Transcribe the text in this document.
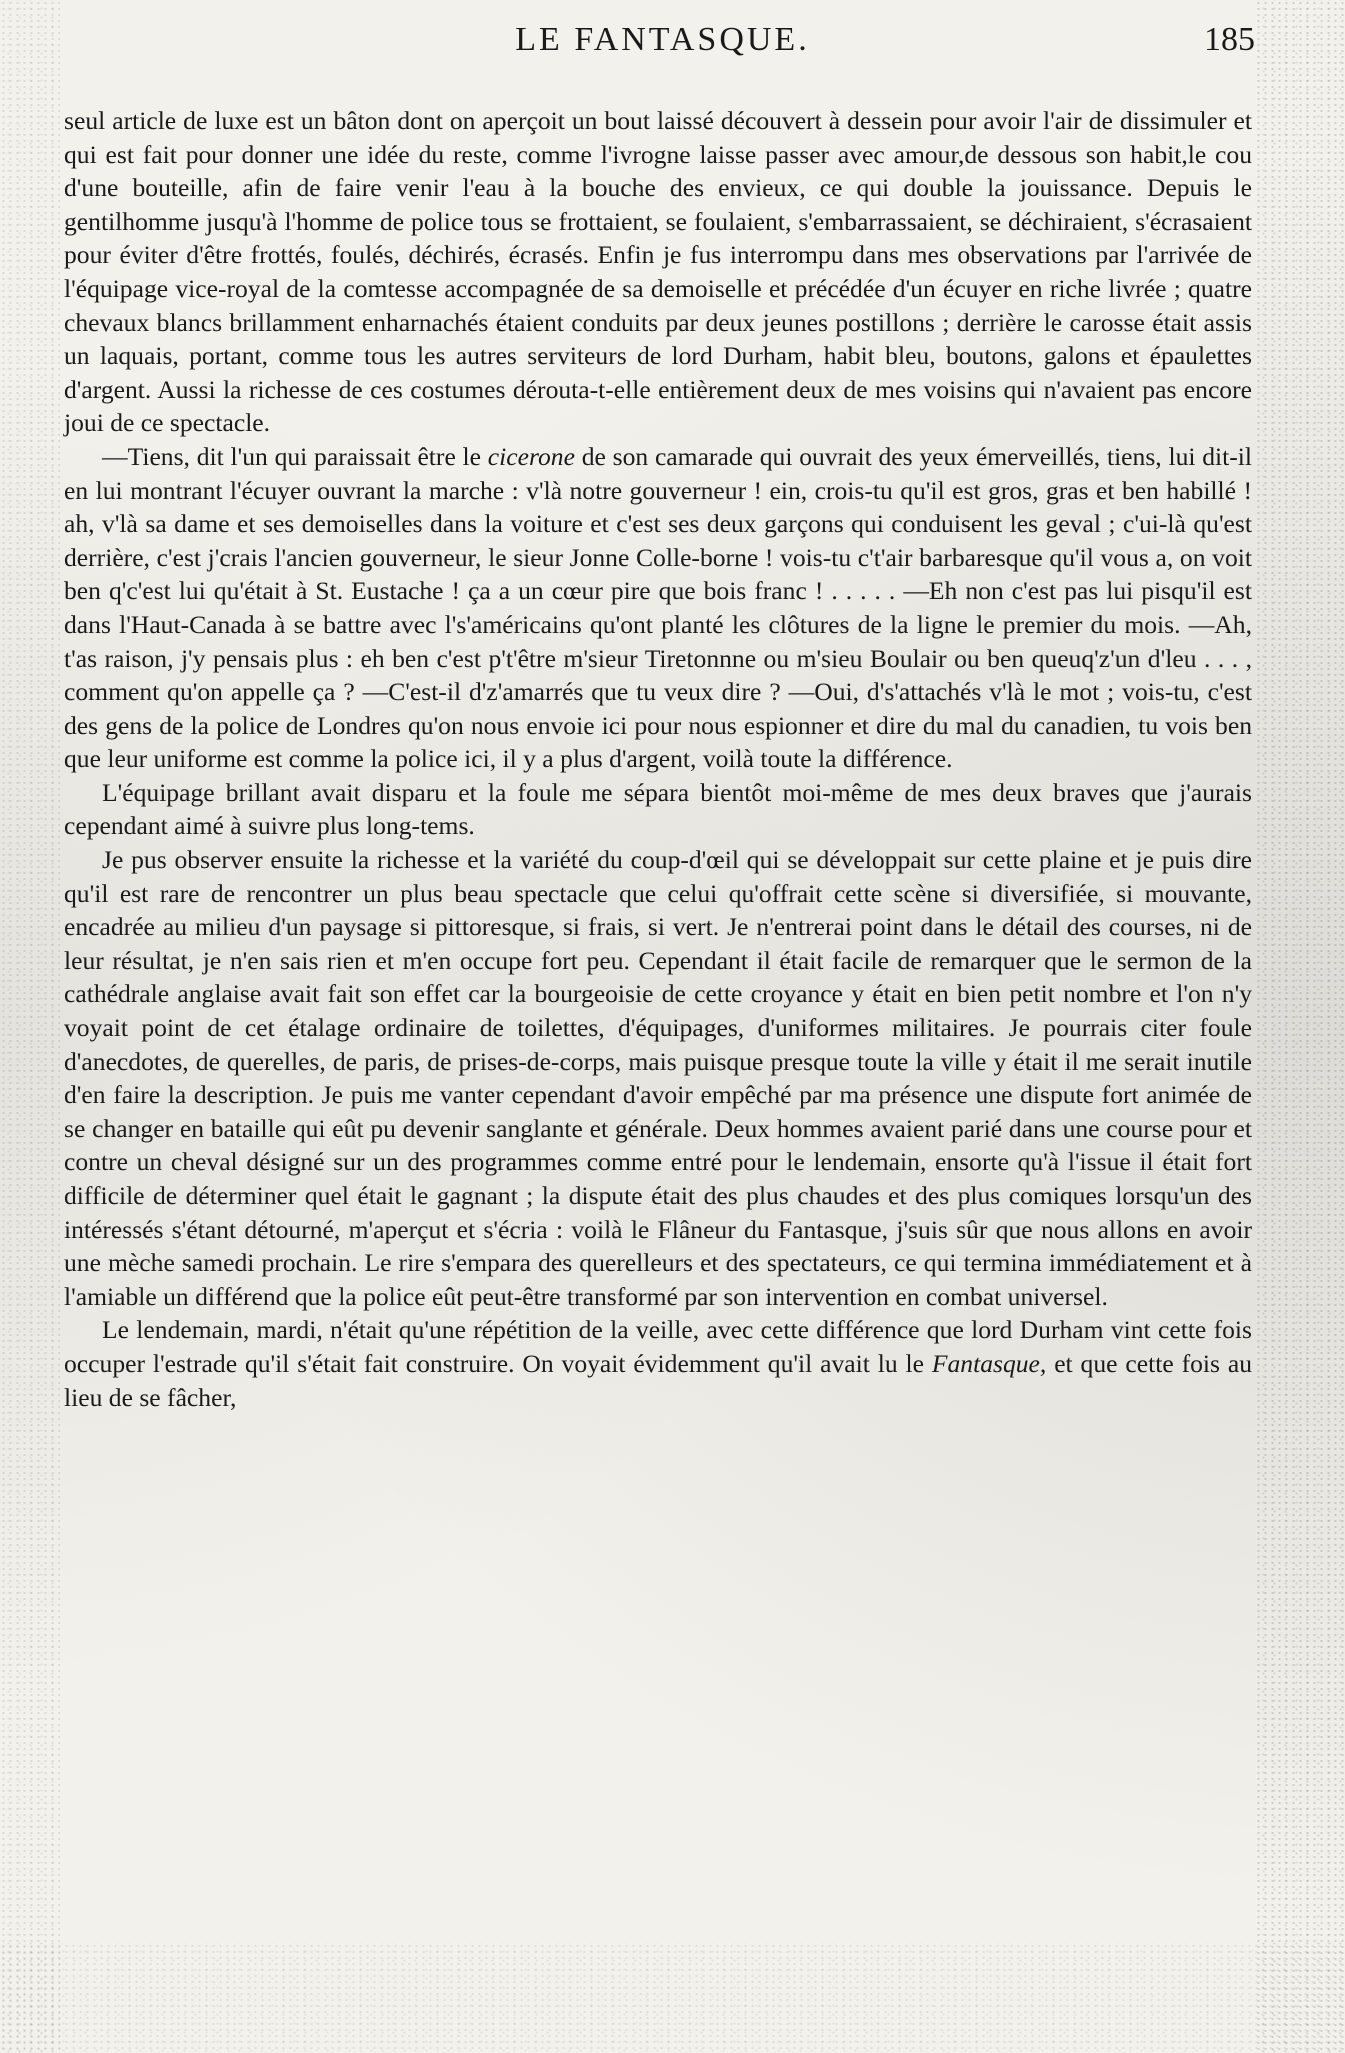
LE FANTASQUE.	185

seul article de luxe est un bâton dont on aperçoit un bout laissé découvert à dessein pour avoir l'air de dissimuler et qui est fait pour donner une idée du reste, comme l'ivrogne laisse passer avec amour,de dessous son habit,le cou d'une bouteille, afin de faire venir l'eau à la bouche des envieux, ce qui double la jouissance. Depuis le gentilhomme jusqu'à l'homme de police tous se frottaient, se foulaient, s'embarrassaient, se déchiraient, s'écrasaient pour éviter d'être frottés, foulés, déchirés, écrasés. Enfin je fus interrompu dans mes observations par l'arrivée de l'équipage vice-royal de la comtesse accompagnée de sa demoiselle et précédée d'un écuyer en riche livrée ; quatre chevaux blancs brillamment enharnachés étaient conduits par deux jeunes postillons ; derrière le carosse était assis un laquais, portant, comme tous les autres serviteurs de lord Durham, habit bleu, boutons, galons et épaulettes d'argent. Aussi la richesse de ces costumes dérouta-t-elle entièrement deux de mes voisins qui n'avaient pas encore joui de ce spectacle.

—Tiens, dit l'un qui paraissait être le cicerone de son camarade qui ouvrait des yeux émerveillés, tiens, lui dit-il en lui montrant l'écuyer ouvrant la marche : v'là notre gouverneur ! ein, crois-tu qu'il est gros, gras et ben habillé ! ah, v'là sa dame et ses demoiselles dans la voiture et c'est ses deux garçons qui conduisent les geval ; c'ui-là qu'est derrière, c'est j'crais l'ancien gouverneur, le sieur Jonne Colle-borne ! vois-tu c't'air barbaresque qu'il vous a, on voit ben q'c'est lui qu'était à St. Eustache ! ça a un cœur pire que bois franc ! . . . . . —Eh non c'est pas lui pisqu'il est dans l'Haut-Canada à se battre avec l's'américains qu'ont planté les clôtures de la ligne le premier du mois. —Ah, t'as raison, j'y pensais plus : eh ben c'est p't'être m'sieur Tiretonnne ou m'sieu Boulair ou ben queuq'z'un d'leu . . . , comment qu'on appelle ça ? —C'est-il d'z'amarrés que tu veux dire ? —Oui, d's'attachés v'là le mot ; vois-tu, c'est des gens de la police de Londres qu'on nous envoie ici pour nous espionner et dire du mal du canadien, tu vois ben que leur uniforme est comme la police ici, il y a plus d'argent, voilà toute la différence.

L'équipage brillant avait disparu et la foule me sépara bientôt moi-même de mes deux braves que j'aurais cependant aimé à suivre plus long-tems.

Je pus observer ensuite la richesse et la variété du coup-d'œil qui se développait sur cette plaine et je puis dire qu'il est rare de rencontrer un plus beau spectacle que celui qu'offrait cette scène si diversifiée, si mouvante, encadrée au milieu d'un paysage si pittoresque, si frais, si vert. Je n'entrerai point dans le détail des courses, ni de leur résultat, je n'en sais rien et m'en occupe fort peu. Cependant il était facile de remarquer que le sermon de la cathédrale anglaise avait fait son effet car la bourgeoisie de cette croyance y était en bien petit nombre et l'on n'y voyait point de cet étalage ordinaire de toilettes, d'équipages, d'uniformes militaires. Je pourrais citer foule d'anecdotes, de querelles, de paris, de prises-de-corps, mais puisque presque toute la ville y était il me serait inutile d'en faire la description. Je puis me vanter cependant d'avoir empêché par ma présence une dispute fort animée de se changer en bataille qui eût pu devenir sanglante et générale. Deux hommes avaient parié dans une course pour et contre un cheval désigné sur un des programmes comme entré pour le lendemain, ensorte qu'à l'issue il était fort difficile de déterminer quel était le gagnant ; la dispute était des plus chaudes et des plus comiques lorsqu'un des intéressés s'étant détourné, m'aperçut et s'écria : voilà le Flâneur du Fantasque, j'suis sûr que nous allons en avoir une mèche samedi prochain. Le rire s'empara des querelleurs et des spectateurs, ce qui termina immédiatement et à l'amiable un différend que la police eût peut-être transformé par son intervention en combat universel.

Le lendemain, mardi, n'était qu'une répétition de la veille, avec cette différence que lord Durham vint cette fois occuper l'estrade qu'il s'était fait construire. On voyait évidemment qu'il avait lu le Fantasque, et que cette fois au lieu de se fâcher,
